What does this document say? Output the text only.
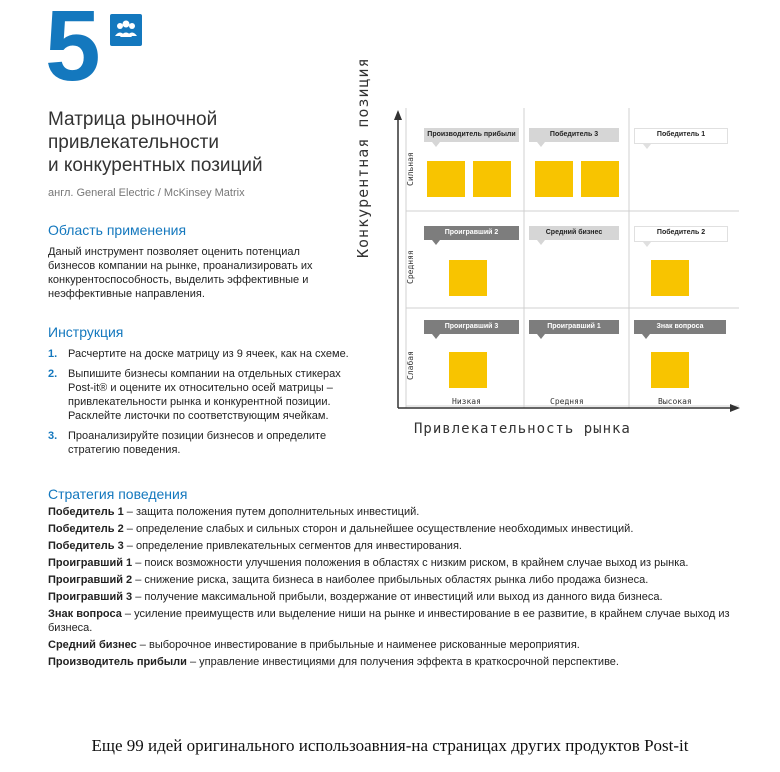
5
Матрица рыночной
привлекательности
и конкурентных позиций
англ. General Electric / McKinsey Matrix
Область применения
Даный инструмент позволяет оценить потенциал бизнесов компании на рынке, проанализировать их конкурентоспособность, выделить эффективные и неэффективные направления.
Инструкция
1. Расчертите на доске матрицу из 9 ячеек, как на схеме.
2. Выпишите бизнесы компании на отдельных стикерах Post-it® и оцените их относительно осей матрицы – привлекательности рынка и конкурентной позиции. Расклейте листочки по соответствующим ячейкам.
3. Проанализируйте позиции бизнесов и определите стратегию поведения.
Стратегия поведения
Победитель 1 – защита положения путем дополнительных инвестиций.
Победитель 2 – определение слабых и сильных сторон и дальнейшее осуществление необходимых инвестиций.
Победитель 3 – определение привлекательных сегментов для инвестирования.
Проигравший 1 – поиск возможности улучшения положения в областях с низким риском, в крайнем случае выход из рынка.
Проигравший 2 – снижение риска, защита бизнеса в наиболее прибыльных областях рынка либо продажа бизнеса.
Проигравший 3 – получение максимальной прибыли, воздержание от инвестиций или выход из данного вида бизнеса.
Знак вопроса – усиление преимуществ или выделение ниши на рынке и инвестирование в ее развитие, в крайнем случае выход из бизнеса.
Средний бизнес – выборочное инвестирование в прибыльные и наименее рискованные мероприятия.
Производитель прибыли – управление инвестициями для получения эффекта в краткосрочной перспективе.
Конкурентная позиция
Привлекательность рынка
Сильная
Средняя
Слабая
Низкая	Средняя	Высокая
Производитель прибыли	Победитель 3	Победитель 1
Проигравший 2	Средний бизнес	Победитель 2
Проигравший 3	Проигравший 1	Знак вопроса
Еще 99 идей оригинального использоавния-на страницах других продуктов Post-it
